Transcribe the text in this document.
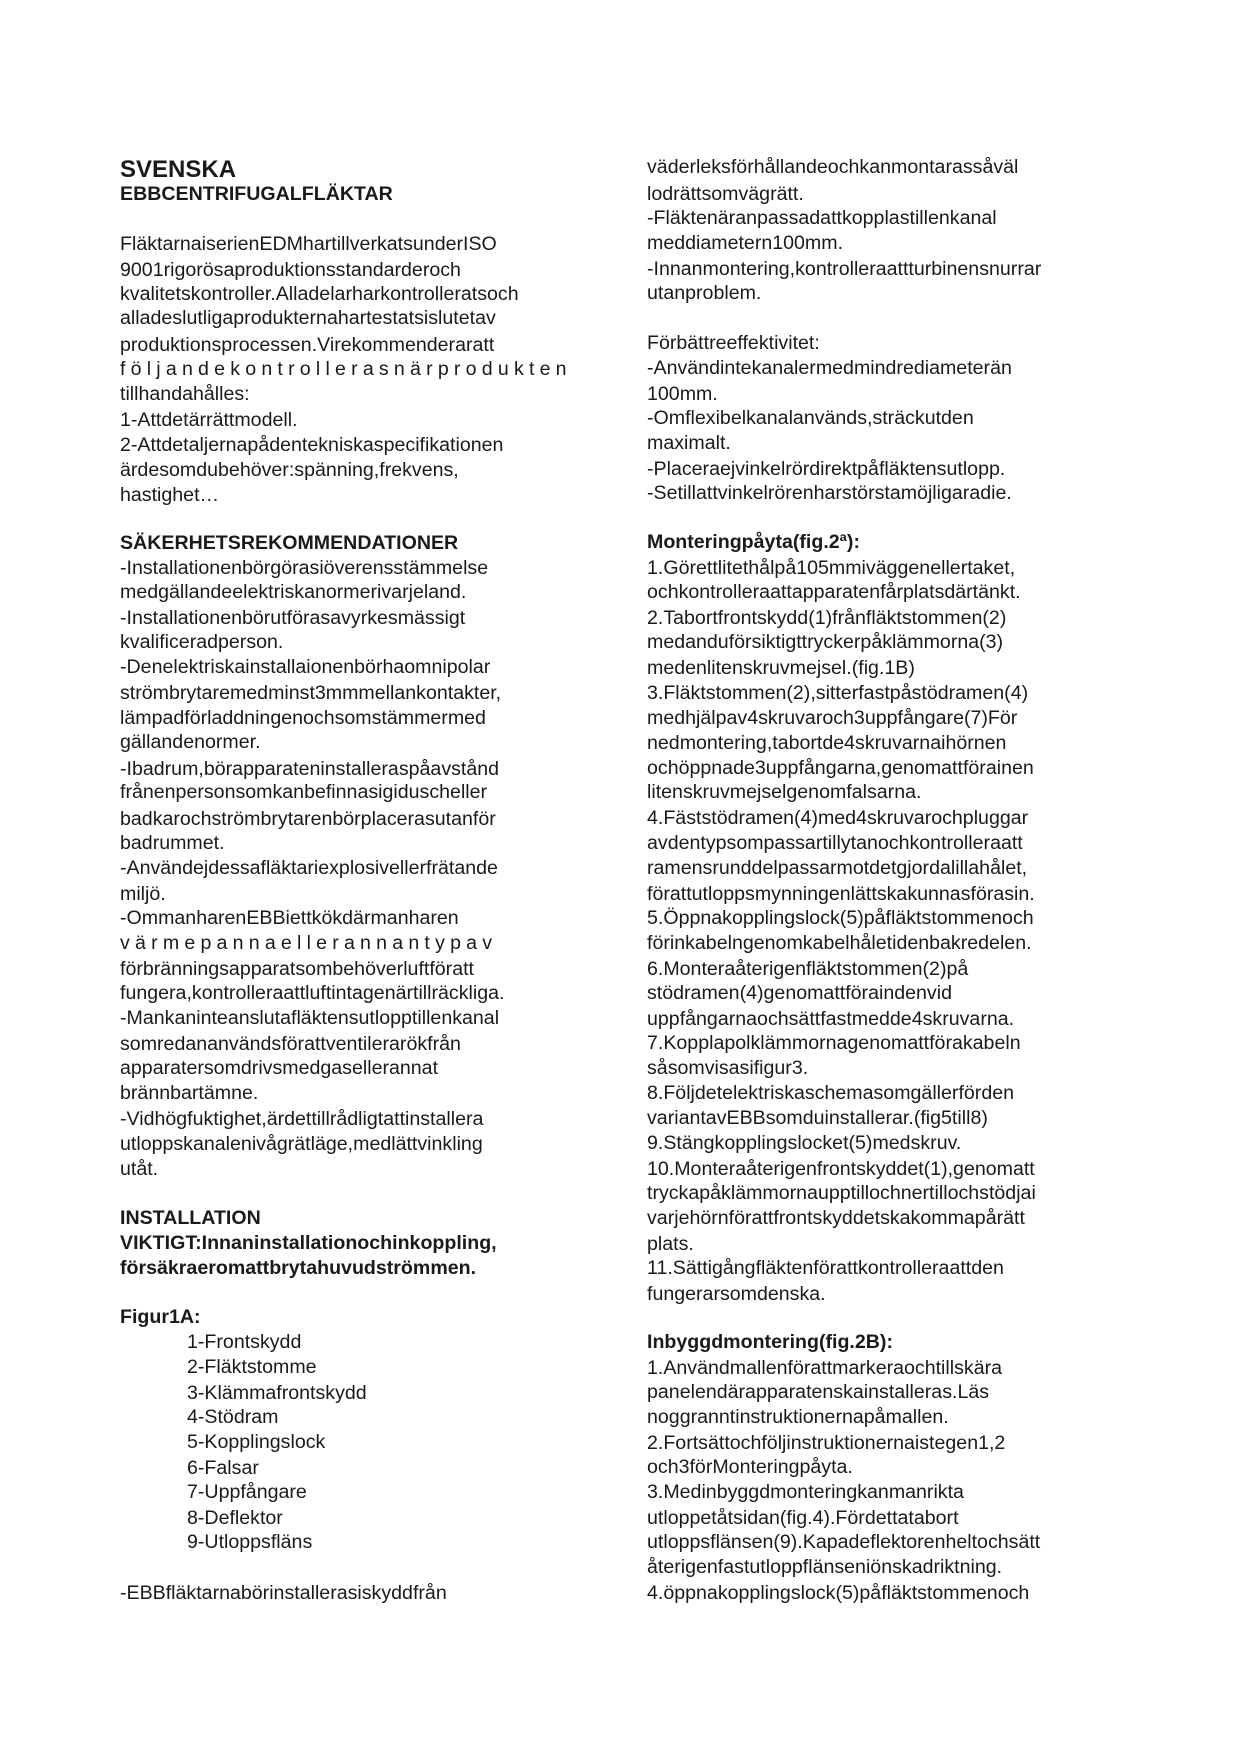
SVENSKA
EBBCENTRIFUGALFLÄKTAR
FläktarnaiserienEDMhartillverkatsunderISO
9001rigorösaproduktionsstandarderoch
kvalitetskontroller.Alladelarharkontrolleratsoch
alladeslutligaprodukternahartestatsislutetav
produktionsprocessen.Virekommenderaratt
följandekontrollerasnärprodukten
tillhandahålles:
1-Attdetärrättmodell.
2-Attdetaljernapådentekniskaspecifikationen
ärdesomdubehöver:spänning,frekvens,
hastighet…
SÄKERHETSREKOMMENDATIONER
-Installationenbörgörasiöverensstämmelse
medgällandeelektriskanormerivarjeland.
-Installationenbörutförasavyrkesmässigt
kvalificeradperson.
-Denelektriskainstallaionenbörhaomnipolar
strömbrytaremedminst3mmmellankontakter,
lämpadförladdningenochsomstämmermed
gällandenormer.
-Ibadrum,börapparateninstalleraspåavstånd
frånenpersonsomkanbefinnasigiduscheller
badkarochströmbrytarenbörplacerasutanför
badrummet.
-Användejdessafläktariexplosivellerfrätande
miljö.
-OmmanharenEBBiettkökdärmanharen
värmepannaellerannantypav
förbränningsapparatsombehöverluftföratt
fungera,kontrolleraattluftintagenärtillräckliga.
-Mankaninteanslutafläktensutlopptillenkanal
somredananvändsförattventilerarökfrån
apparatersomdrivsmedgasellerannat
brännbartämne.
-Vidhögfuktighet,ärdettillrådligtattinstallera
utloppskanalenivågrätläge,medlättvinkling
utåt.
INSTALLATION
VIKTIGT:Innaninstallationochinkoppling,
försäkraeromattbrytahuvudströmmen.
Figur1A:
1-Frontskydd
2-Fläktstomme
3-Klämmafrontskydd
4-Stödram
5-Kopplingslock
6-Falsar
7-Uppfångare
8-Deflektor
9-Utloppsfläns
-EBBfläktarnabörinstallerasiskyddfrån
väderleksförhållandeochkanmontarassåväl
lodrättsomvägrätt.
-Fläktenäranpassadattkopplastillenkanal
meddiametern100mm.
-Innanmontering,kontrolleraattturbinensnurrar
utanproblem.
Förbättreeffektivitet:
-Användintekanalermedmindrediameterän
100mm.
-Omflexibelkanalanvänds,sträckutden
maximalt.
-Placeraejvinkelrördirektpåfläktensutlopp.
-Setillattvinkelrörenharstörstamöjligaradie.
Monteringpåyta(fig.2ª):
1.Görettlitethålpå105mmiväggenellertaket,
ochkontrolleraattapparatenfårplatsdärtänkt.
2.Tabortfrontskydd(1)frånfläktstommen(2)
medanduförsiktigttryckerpåklämmorna(3)
medenlitenskruvmejsel.(fig.1B)
3.Fläktstommen(2),sitterfastpåstödramen(4)
medhjälpav4skruvaroch3uppfångare(7)För
nedmontering,tabortde4skruvarnaihörnen
ochöppnade3uppfångarna,genomattförainen
litenskruvmejselgenomfalsarna.
4.Fäststödramen(4)med4skruvarochpluggar
avdentypsompassartillytanochkontrolleraatt
ramensrunddelpassarmotdetgjordalillahålet,
förattutloppsmynningenlättskakunnasförasin.
5.Öppnakopplingslock(5)påfläktstommenoch
förinkabelngenomkabelhåletidenbakredelen.
6.Monteraåterigenfläktstommen(2)på
stödramen(4)genomattföraindenvid
uppfångarnaochsättfastmedde4skruvarna.
7.Kopplapolklämmornagenomattförakabeln
såsomvisasifigur3.
8.Följdetelektriskaschemasomgällerförden
variantavEBBsomduinstallerar.(fig5till8)
9.Stängkopplingslocket(5)medskruv.
10.Monteraåterigenfrontskyddet(1),genomatt
tryckapåklämmornaupptillochnertillochstödjai
varjehörnförattfrontskyddetskakommapårätt
plats.
11.Sättigångfläktenförattkontrolleraattden
fungerarsomdenska.
Inbyggdmontering(fig.2B):
1.Användmallenförattmarkeraochtillskära
panelendärapparatenskainstalleras.Läs
noggranntinstruktionernapåmallen.
2.Fortsättochföljinstruktionernaistegen1,2
och3förMonteringpåyta.
3.Medinbyggdmonteringkanmanrikta
utloppetåtsidan(fig.4).Fördettatabort
utloppsflänsen(9).Kapadeflektorenheltochsätt
återigenfastutloppflänseniönskadriktning.
4.öppnakopplingslock(5)påfläktstommenoch
